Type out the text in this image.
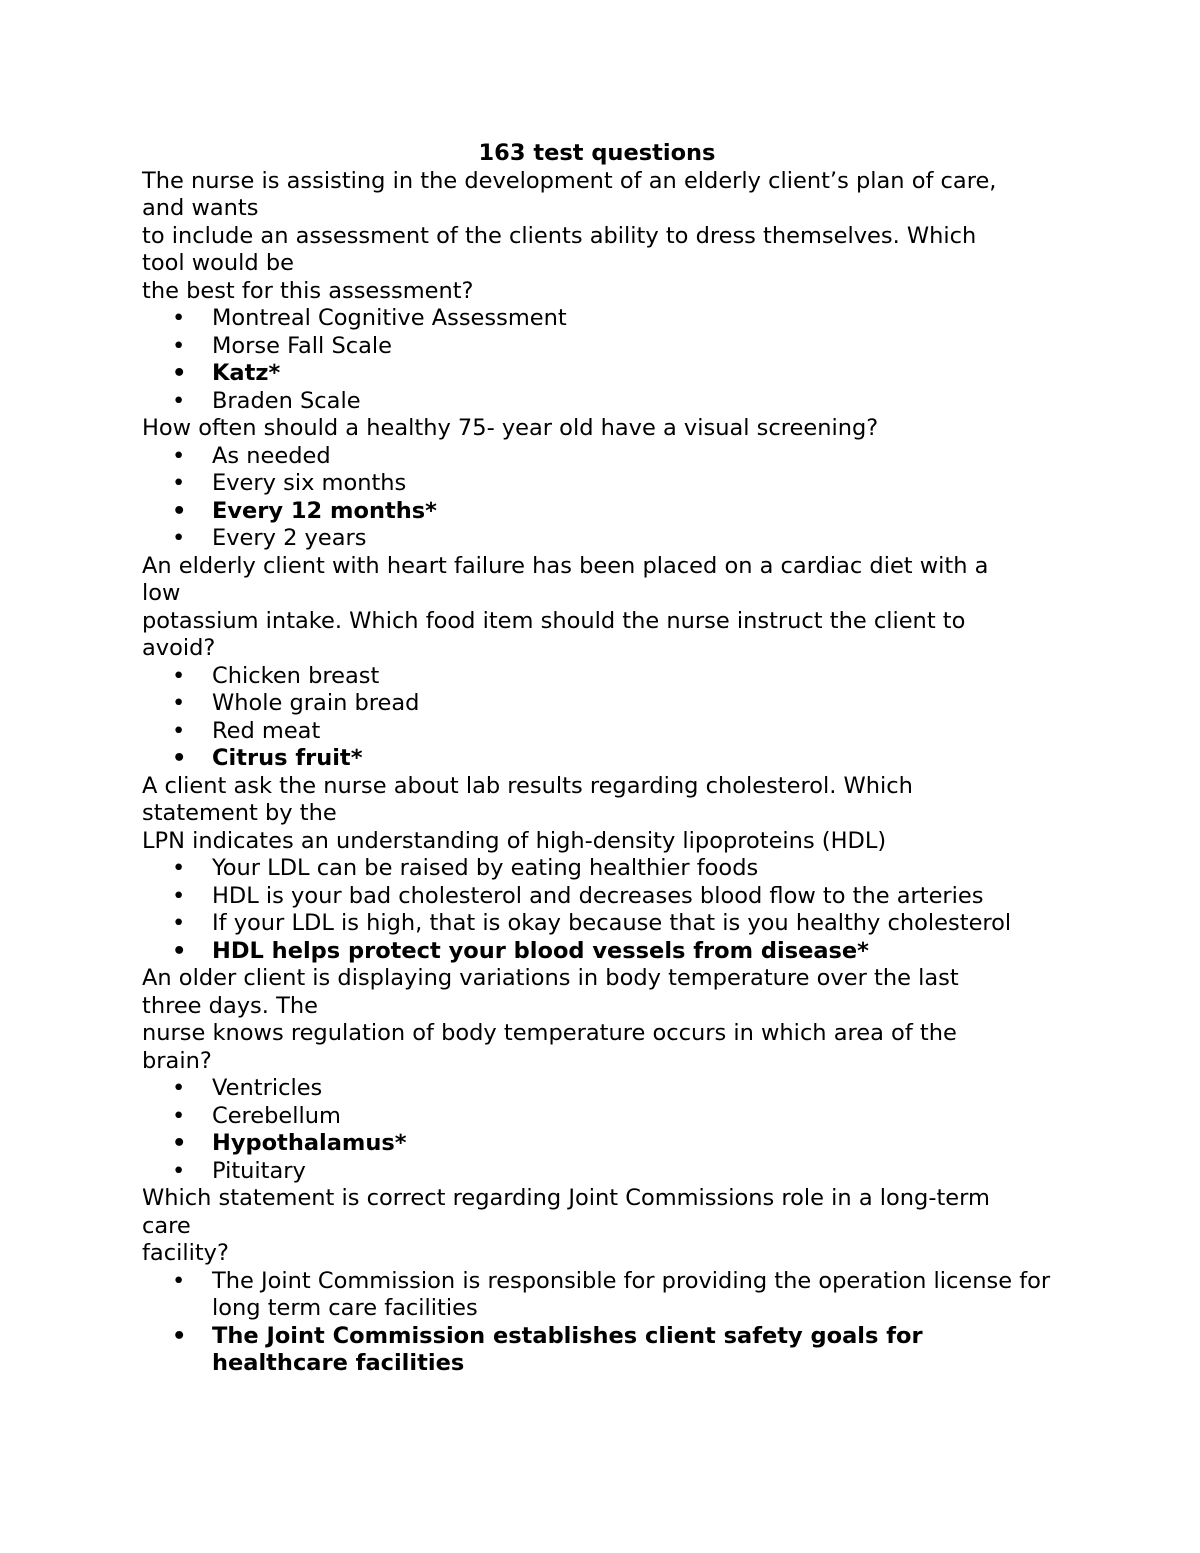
163 test questions
The nurse is assisting in the development of an elderly client’s plan of care,
and wants
to include an assessment of the clients ability to dress themselves. Which
tool would be
the best for this assessment?
• Montreal Cognitive Assessment
• Morse Fall Scale
• Katz*
• Braden Scale
How often should a healthy 75- year old have a visual screening?
• As needed
• Every six months
• Every 12 months*
• Every 2 years
An elderly client with heart failure has been placed on a cardiac diet with a
low
potassium intake. Which food item should the nurse instruct the client to
avoid?
• Chicken breast
• Whole grain bread
• Red meat
• Citrus fruit*
A client ask the nurse about lab results regarding cholesterol. Which
statement by the
LPN indicates an understanding of high-density lipoproteins (HDL)
• Your LDL can be raised by eating healthier foods
• HDL is your bad cholesterol and decreases blood flow to the arteries
• If your LDL is high, that is okay because that is you healthy cholesterol
• HDL helps protect your blood vessels from disease*
An older client is displaying variations in body temperature over the last
three days. The
nurse knows regulation of body temperature occurs in which area of the
brain?
• Ventricles
• Cerebellum
• Hypothalamus*
• Pituitary
Which statement is correct regarding Joint Commissions role in a long-term
care
facility?
• The Joint Commission is responsible for providing the operation license for long term care facilities
• The Joint Commission establishes client safety goals for healthcare facilities
